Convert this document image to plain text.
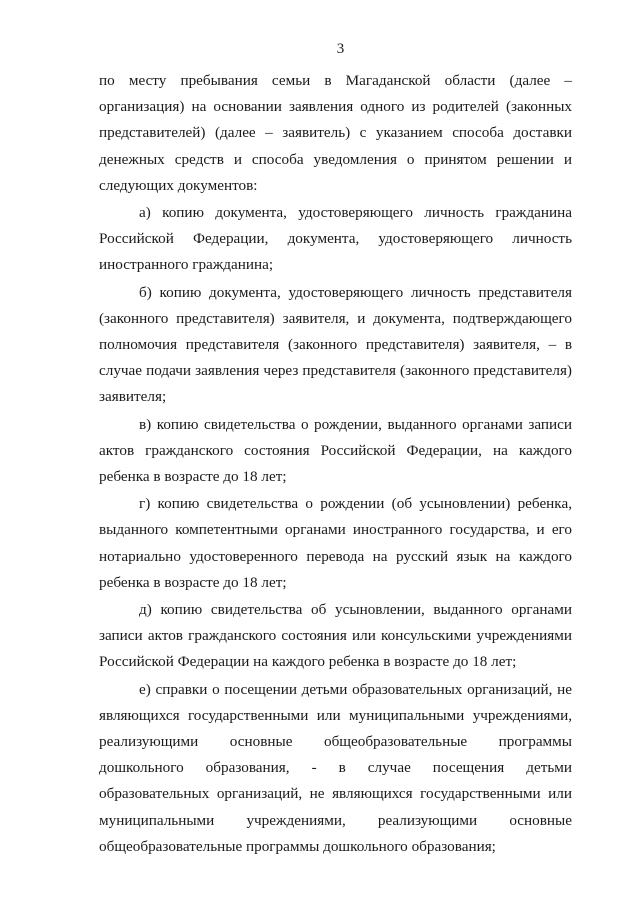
3

по месту пребывания семьи в Магаданской области (далее – организация) на основании заявления одного из родителей (законных представителей) (далее – заявитель) с указанием способа доставки денежных средств и способа уведомления о принятом решении и следующих документов:

а) копию документа, удостоверяющего личность гражданина Российской Федерации, документа, удостоверяющего личность иностранного гражданина;

б) копию документа, удостоверяющего личность представителя (законного представителя) заявителя, и документа, подтверждающего полномочия представителя (законного представителя) заявителя, – в случае подачи заявления через представителя (законного представителя) заявителя;

в) копию свидетельства о рождении, выданного органами записи актов гражданского состояния Российской Федерации, на каждого ребенка в возрасте до 18 лет;

г) копию свидетельства о рождении (об усыновлении) ребенка, выданного компетентными органами иностранного государства, и его нотариально удостоверенного перевода на русский язык на каждого ребенка в возрасте до 18 лет;

д) копию свидетельства об усыновлении, выданного органами записи актов гражданского состояния или консульскими учреждениями Российской Федерации на каждого ребенка в возрасте до 18 лет;

е) справки о посещении детьми образовательных организаций, не являющихся государственными или муниципальными учреждениями, реализующими основные общеобразовательные программы дошкольного образования, - в случае посещения детьми образовательных организаций, не являющихся государственными или муниципальными учреждениями, реализующими основные общеобразовательные программы дошкольного образования;
